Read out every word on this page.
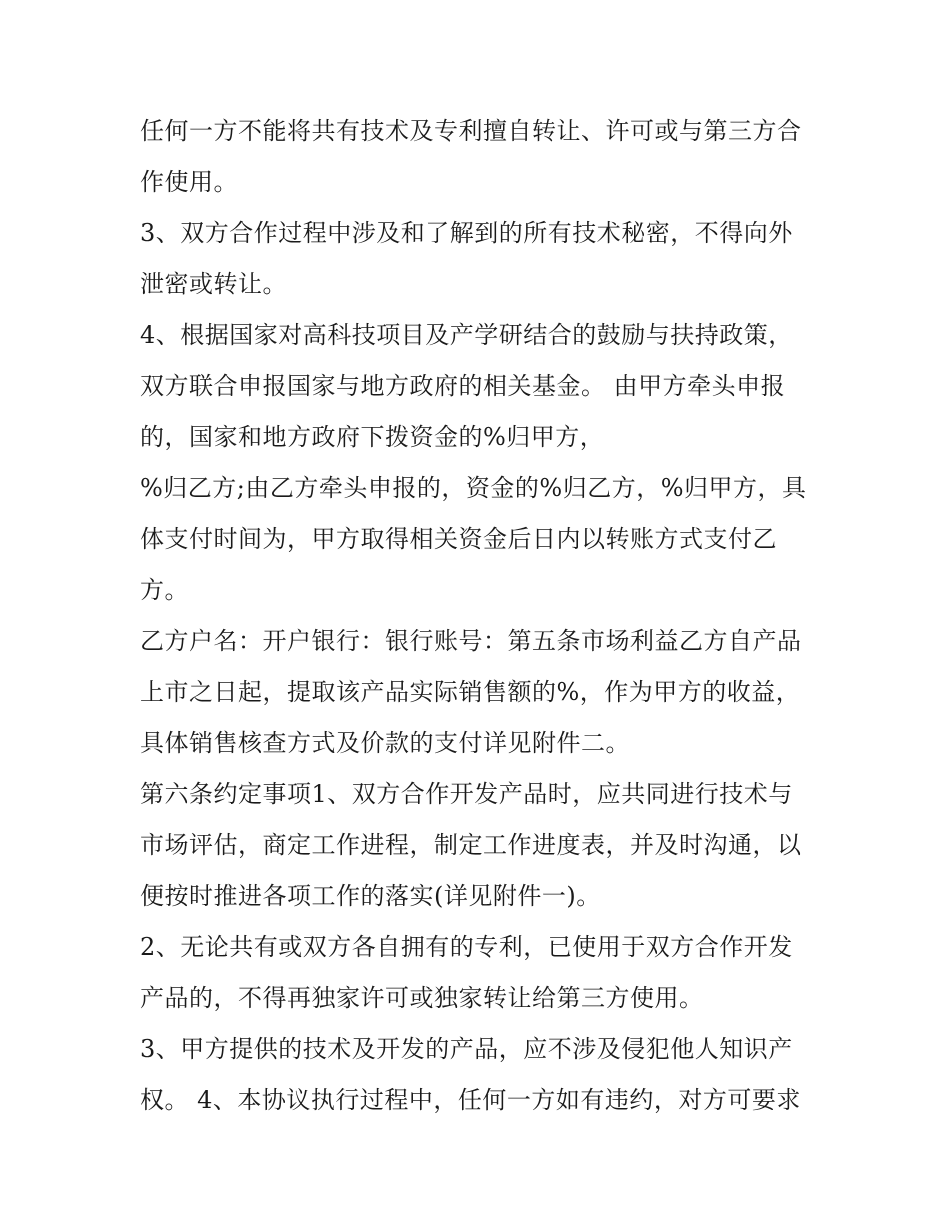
任何一方不能将共有技术及专利擅自转让、许可或与第三方合
作使用。
3、双方合作过程中涉及和了解到的所有技术秘密，不得向外
泄密或转让。
4、根据国家对高科技项目及产学研结合的鼓励与扶持政策，
双方联合申报国家与地方政府的相关基金。 由甲方牵头申报
的，国家和地方政府下拨资金的%归甲方，
%归乙方;由乙方牵头申报的，资金的%归乙方，%归甲方，具
体支付时间为，甲方取得相关资金后日内以转账方式支付乙
方。
乙方户名：开户银行：银行账号：第五条市场利益乙方自产品
上市之日起，提取该产品实际销售额的%，作为甲方的收益，
具体销售核查方式及价款的支付详见附件二。
第六条约定事项1、双方合作开发产品时，应共同进行技术与
市场评估，商定工作进程，制定工作进度表，并及时沟通，以
便按时推进各项工作的落实(详见附件一)。
2、无论共有或双方各自拥有的专利，已使用于双方合作开发
产品的，不得再独家许可或独家转让给第三方使用。
3、甲方提供的技术及开发的产品，应不涉及侵犯他人知识产
权。 4、本协议执行过程中，任何一方如有违约，对方可要求
